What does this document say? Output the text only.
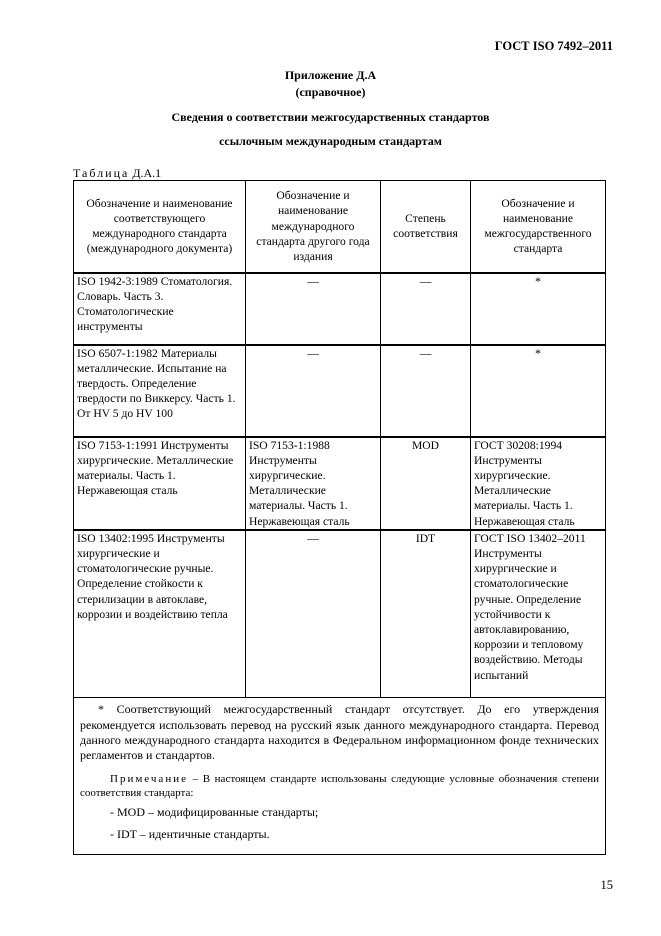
ГОСТ ISO 7492–2011
Приложение Д.А
(справочное)
Сведения о соответствии межгосударственных стандартов
ссылочным международным стандартам
Таблица Д.А.1
Обозначение и наименование соответствующего международного стандарта (международного документа)	Обозначение и наименование международного стандарта другого года издания	Степень соответствия	Обозначение и наименование межгосударственного стандарта
ISO 1942-3:1989 Стоматология. Словарь. Часть 3. Стоматологические инструменты	—	—	*
ISO 6507-1:1982 Материалы металлические. Испытание на твердость. Определение твердости по Виккерсу. Часть 1. От HV 5 до HV 100	—	—	*
ISO 7153-1:1991 Инструменты хирургические. Металлические материалы. Часть 1. Нержавеющая сталь	ISO 7153-1:1988 Инструменты хирургические. Металлические материалы. Часть 1. Нержавеющая сталь	MOD	ГОСТ 30208:1994 Инструменты хирургические. Металлические материалы. Часть 1. Нержавеющая сталь
ISO 13402:1995 Инструменты хирургические и стоматологические ручные. Определение стойкости к стерилизации в автоклаве, коррозии и воздействию тепла	—	IDT	ГОСТ ISO 13402–2011 Инструменты хирургические и стоматологические ручные. Определение устойчивости к автоклавированию, коррозии и тепловому воздействию. Методы испытаний

* Соответствующий межгосударственный стандарт отсутствует. До его утверждения рекомендуется использовать перевод на русский язык данного международного стандарта. Перевод данного международного стандарта находится в Федеральном информационном фонде технических регламентов и стандартов.

Примечание – В настоящем стандарте использованы следующие условные обозначения степени соответствия стандарта:

- MOD – модифицированные стандарты;

- IDT – идентичные стандарты.			

15
